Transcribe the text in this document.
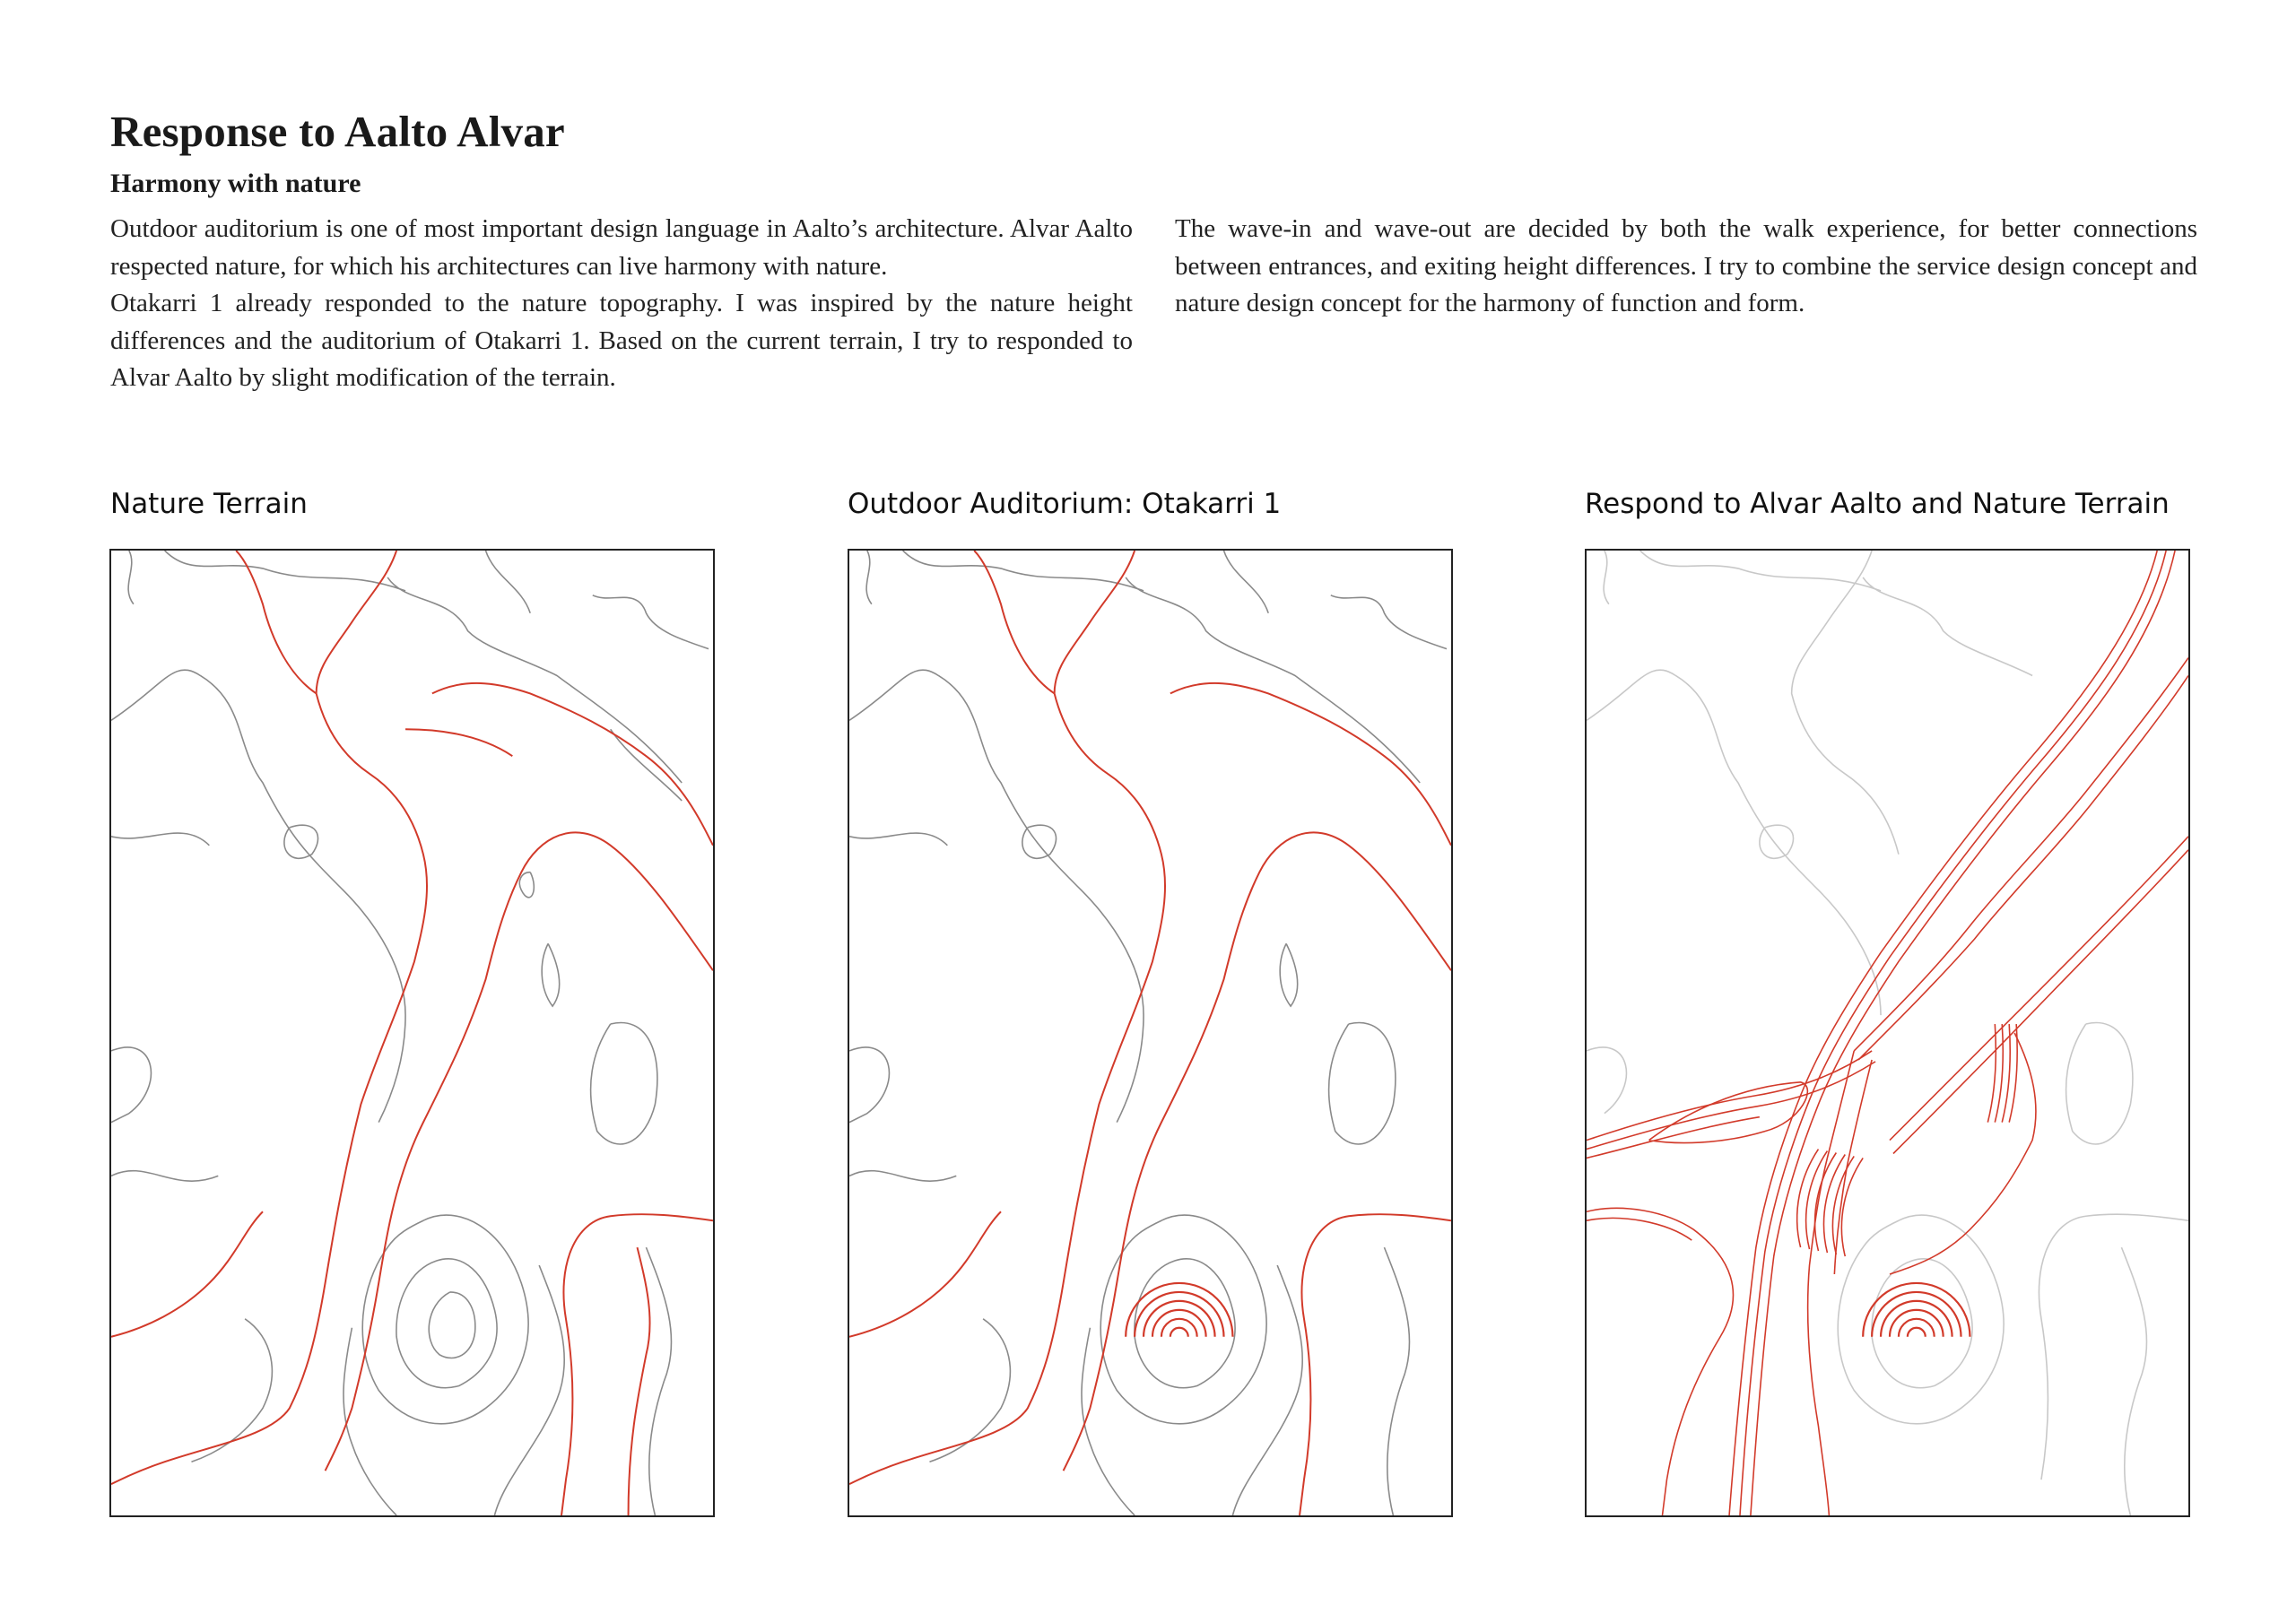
Response to Aalto Alvar
Harmony with nature

Outdoor auditorium is one of most important design language in Aalto’s architecture. Alvar Aalto respected nature, for which his architectures can live harmony with nature.

Otakarri 1 already responded to the nature topography. I was inspired by the nature height differences and the auditorium of Otakarri 1. Based on the current terrain, I try to responded to Alvar Aalto by slight modification of the terrain.

The wave-in and wave-out are decided by both the walk experience, for better connections between entrances, and exiting height differences. I try to combine the service design concept and nature design concept for the harmony of function and form.

Nature Terrain	Outdoor Auditorium: Otakarri 1	Respond to Alvar Aalto and Nature Terrain
